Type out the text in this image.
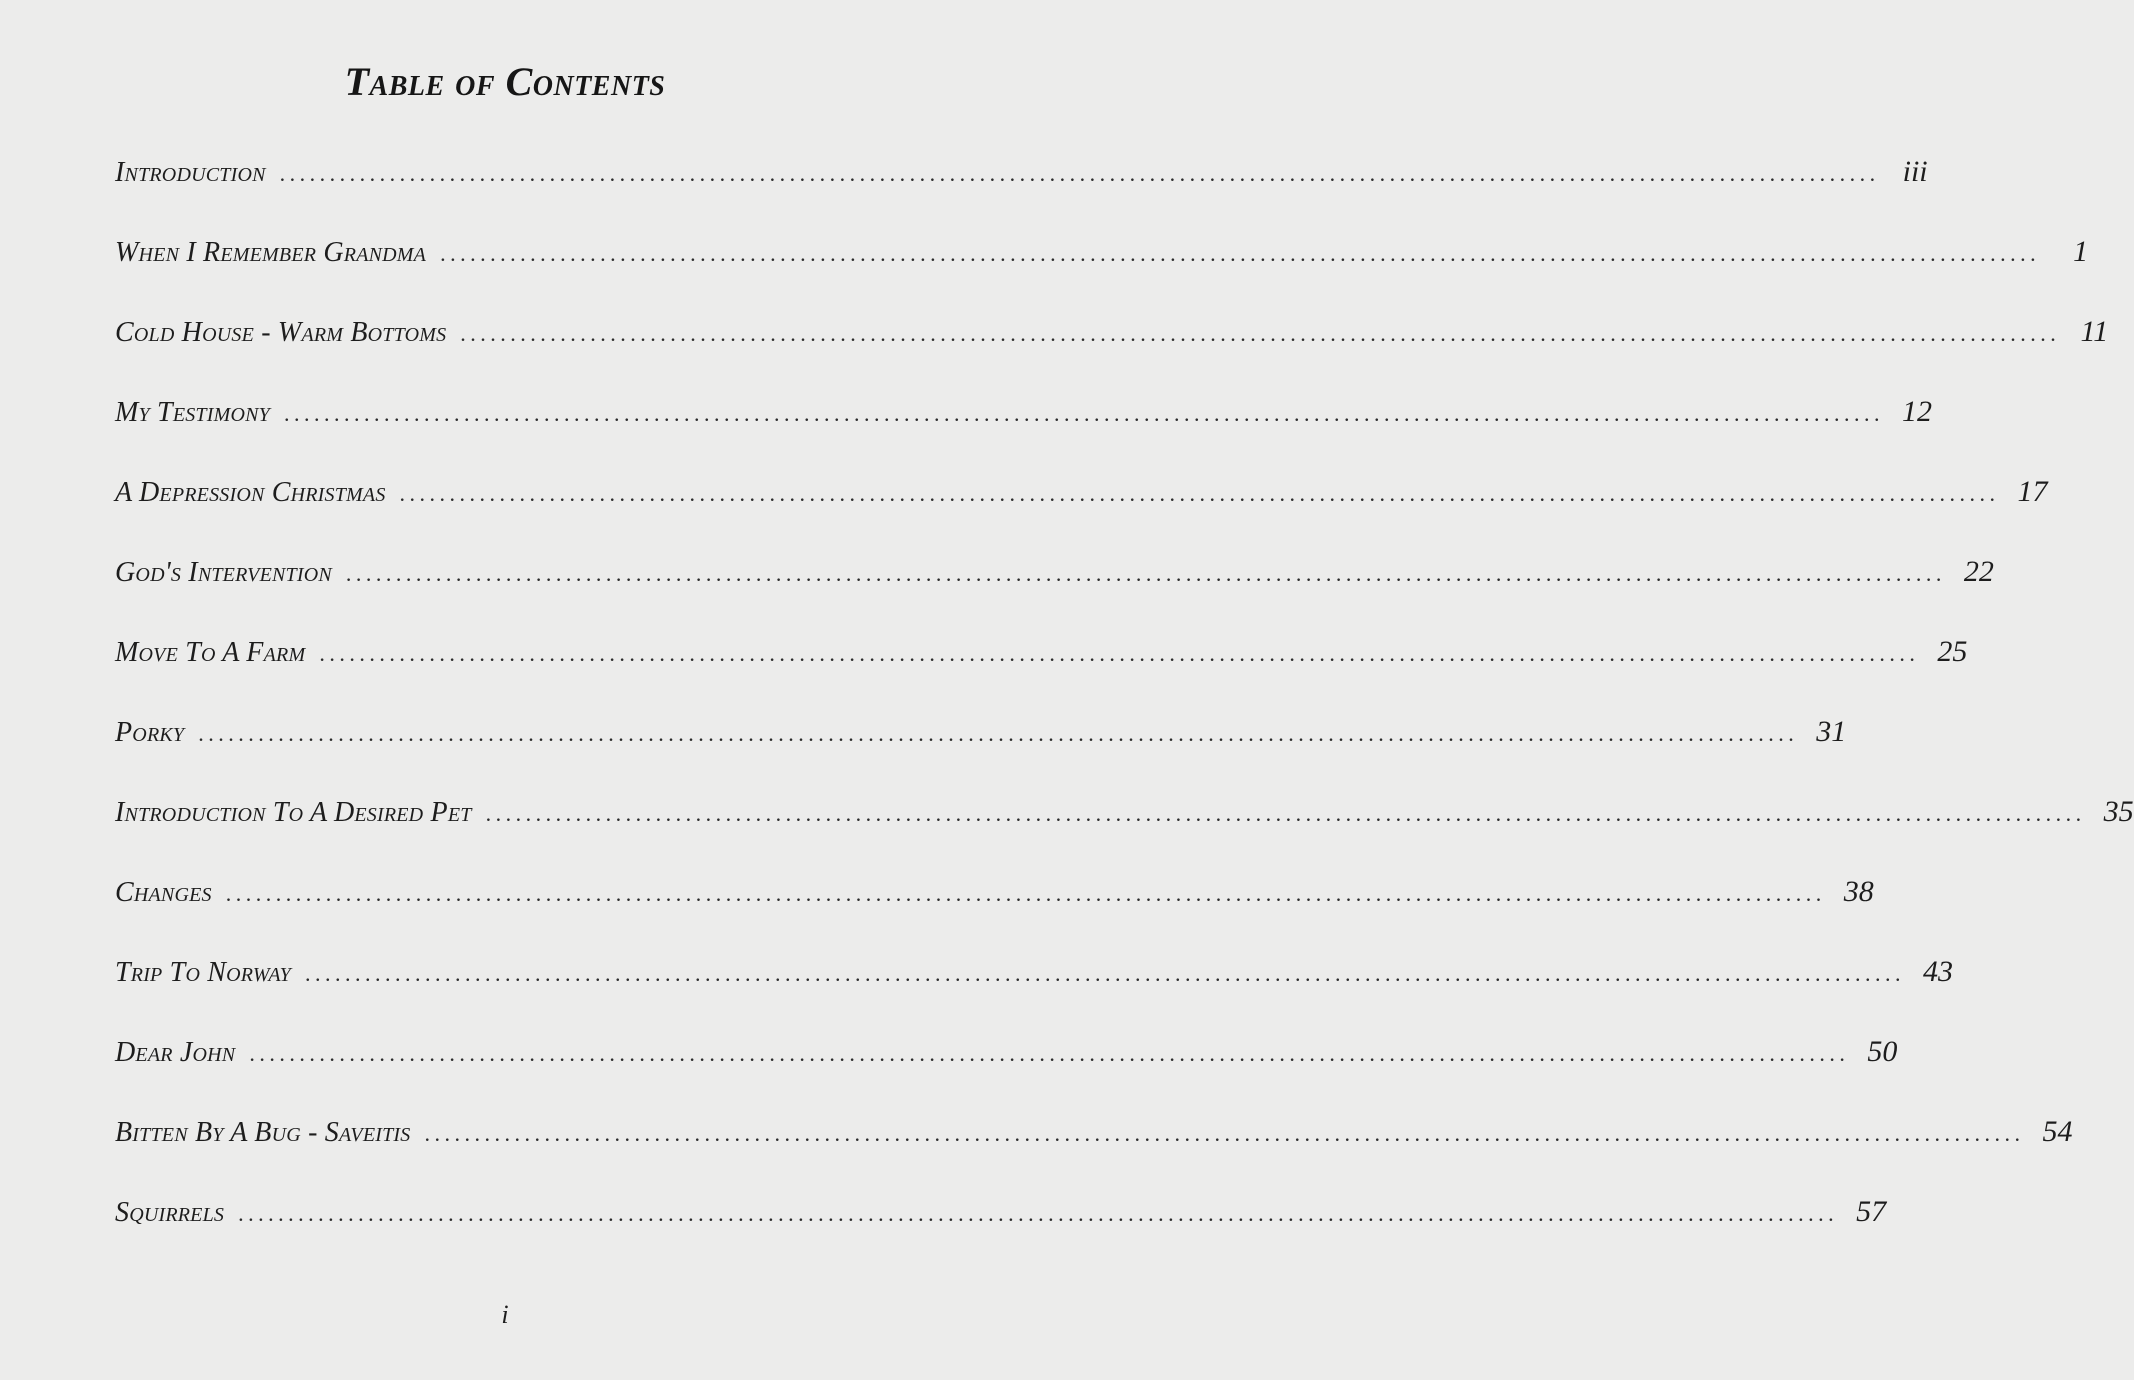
Table of Contents
Introduction ................................................................................................................................................................ iii
When I Remember Grandma ................................................................................................................................................................	1
Cold House - Warm Bottoms ................................................................................................................................................................ 11
My Testimony ................................................................................................................................................................ 12
A Depression Christmas ................................................................................................................................................................ 17
God's Intervention ................................................................................................................................................................ 22
Move To A Farm ................................................................................................................................................................ 25
Porky ................................................................................................................................................................ 31
Introduction To A Desired Pet ................................................................................................................................................................ 35
Changes ................................................................................................................................................................ 38
Trip To Norway ................................................................................................................................................................ 43
Dear John ................................................................................................................................................................ 50
Bitten By A Bug - Saveitis ................................................................................................................................................................ 54
Squirrels ................................................................................................................................................................ 57
i
